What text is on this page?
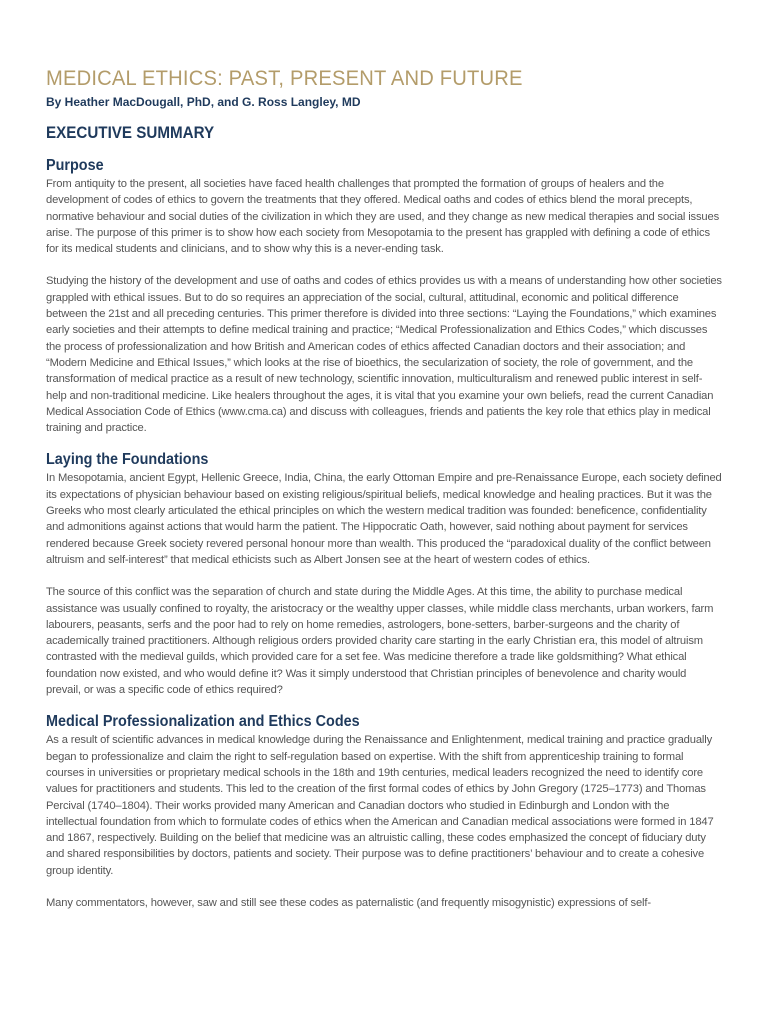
MEDICAL ETHICS: PAST, PRESENT AND FUTURE
By Heather MacDougall, PhD, and G. Ross Langley, MD
EXECUTIVE SUMMARY
Purpose

From antiquity to the present, all societies have faced health challenges that prompted the formation of groups of healers and the development of codes of ethics to govern the treatments that they offered. Medical oaths and codes of ethics blend the moral precepts, normative behaviour and social duties of the civilization in which they are used, and they change as new medical therapies and social issues arise. The purpose of this primer is to show how each society from Mesopotamia to the present has grappled with defining a code of ethics for its medical students and clinicians, and to show why this is a never-ending task.

Studying the history of the development and use of oaths and codes of ethics provides us with a means of understanding how other societies grappled with ethical issues. But to do so requires an appreciation of the social, cultural, attitudinal, economic and political difference between the 21st and all preceding centuries. This primer therefore is divided into three sections: “Laying the Foundations,” which examines early societies and their attempts to define medical training and practice; “Medical Professionalization and Ethics Codes,” which discusses the process of professionalization and how British and American codes of ethics affected Canadian doctors and their association; and “Modern Medicine and Ethical Issues,” which looks at the rise of bioethics, the secularization of society, the role of government, and the transformation of medical practice as a result of new technology, scientific innovation, multiculturalism and renewed public interest in self-help and non-traditional medicine. Like healers throughout the ages, it is vital that you examine your own beliefs, read the current Canadian Medical Association Code of Ethics (www.cma.ca) and discuss with colleagues, friends and patients the key role that ethics play in medical training and practice.

Laying the Foundations

In Mesopotamia, ancient Egypt, Hellenic Greece, India, China, the early Ottoman Empire and pre-Renaissance Europe, each society defined its expectations of physician behaviour based on existing religious/spiritual beliefs, medical knowledge and healing practices. But it was the Greeks who most clearly articulated the ethical principles on which the western medical tradition was founded: beneficence, confidentiality and admonitions against actions that would harm the patient. The Hippocratic Oath, however, said nothing about payment for services rendered because Greek society revered personal honour more than wealth. This produced the “paradoxical duality of the conflict between altruism and self-interest” that medical ethicists such as Albert Jonsen see at the heart of western codes of ethics.

The source of this conflict was the separation of church and state during the Middle Ages. At this time, the ability to purchase medical assistance was usually confined to royalty, the aristocracy or the wealthy upper classes, while middle class merchants, urban workers, farm labourers, peasants, serfs and the poor had to rely on home remedies, astrologers, bone-setters, barber-surgeons and the charity of academically trained practitioners. Although religious orders provided charity care starting in the early Christian era, this model of altruism contrasted with the medieval guilds, which provided care for a set fee. Was medicine therefore a trade like goldsmithing? What ethical foundation now existed, and who would define it? Was it simply understood that Christian principles of benevolence and charity would prevail, or was a specific code of ethics required?

Medical Professionalization and Ethics Codes

As a result of scientific advances in medical knowledge during the Renaissance and Enlightenment, medical training and practice gradually began to professionalize and claim the right to self-regulation based on expertise. With the shift from apprenticeship training to formal courses in universities or proprietary medical schools in the 18th and 19th centuries, medical leaders recognized the need to identify core values for practitioners and students. This led to the creation of the first formal codes of ethics by John Gregory (1725–1773) and Thomas Percival (1740–1804). Their works provided many American and Canadian doctors who studied in Edinburgh and London with the intellectual foundation from which to formulate codes of ethics when the American and Canadian medical associations were formed in 1847 and 1867, respectively. Building on the belief that medicine was an altruistic calling, these codes emphasized the concept of fiduciary duty and shared responsibilities by doctors, patients and society. Their purpose was to define practitioners’ behaviour and to create a cohesive group identity.

Many commentators, however, saw and still see these codes as paternalistic (and frequently misogynistic) expressions of self-
